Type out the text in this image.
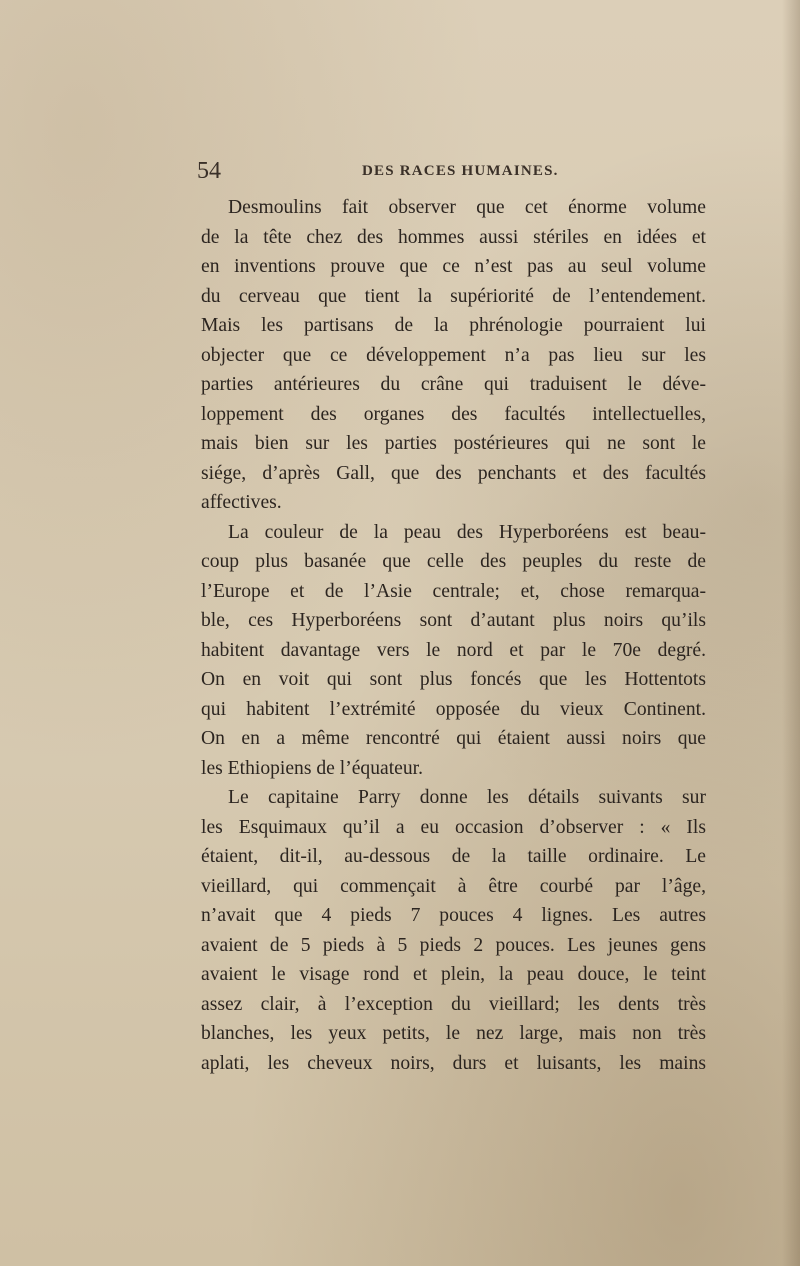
54	DES RACES HUMAINES.
Desmoulins fait observer que cet énorme volume
de la tête chez des hommes aussi stériles en idées et
en inventions prouve que ce n’est pas au seul volume
du cerveau que tient la supériorité de l’entendement.
Mais les partisans de la phrénologie pourraient lui
objecter que ce développement n’a pas lieu sur les
parties antérieures du crâne qui traduisent le déve-
loppement des organes des facultés intellectuelles,
mais bien sur les parties postérieures qui ne sont le
siége, d’après Gall, que des penchants et des facultés
affectives.
La couleur de la peau des Hyperboréens est beau-
coup plus basanée que celle des peuples du reste de
l’Europe et de l’Asie centrale; et, chose remarqua-
ble, ces Hyperboréens sont d’autant plus noirs qu’ils
habitent davantage vers le nord et par le 70e degré.
On en voit qui sont plus foncés que les Hottentots
qui habitent l’extrémité opposée du vieux Continent.
On en a même rencontré qui étaient aussi noirs que
les Ethiopiens de l’équateur.
Le capitaine Parry donne les détails suivants sur
les Esquimaux qu’il a eu occasion d’observer : « Ils
étaient, dit-il, au-dessous de la taille ordinaire. Le
vieillard, qui commençait à être courbé par l’âge,
n’avait que 4 pieds 7 pouces 4 lignes. Les autres
avaient de 5 pieds à 5 pieds 2 pouces. Les jeunes gens
avaient le visage rond et plein, la peau douce, le teint
assez clair, à l’exception du vieillard; les dents très
blanches, les yeux petits, le nez large, mais non très
aplati, les cheveux noirs, durs et luisants, les mains
